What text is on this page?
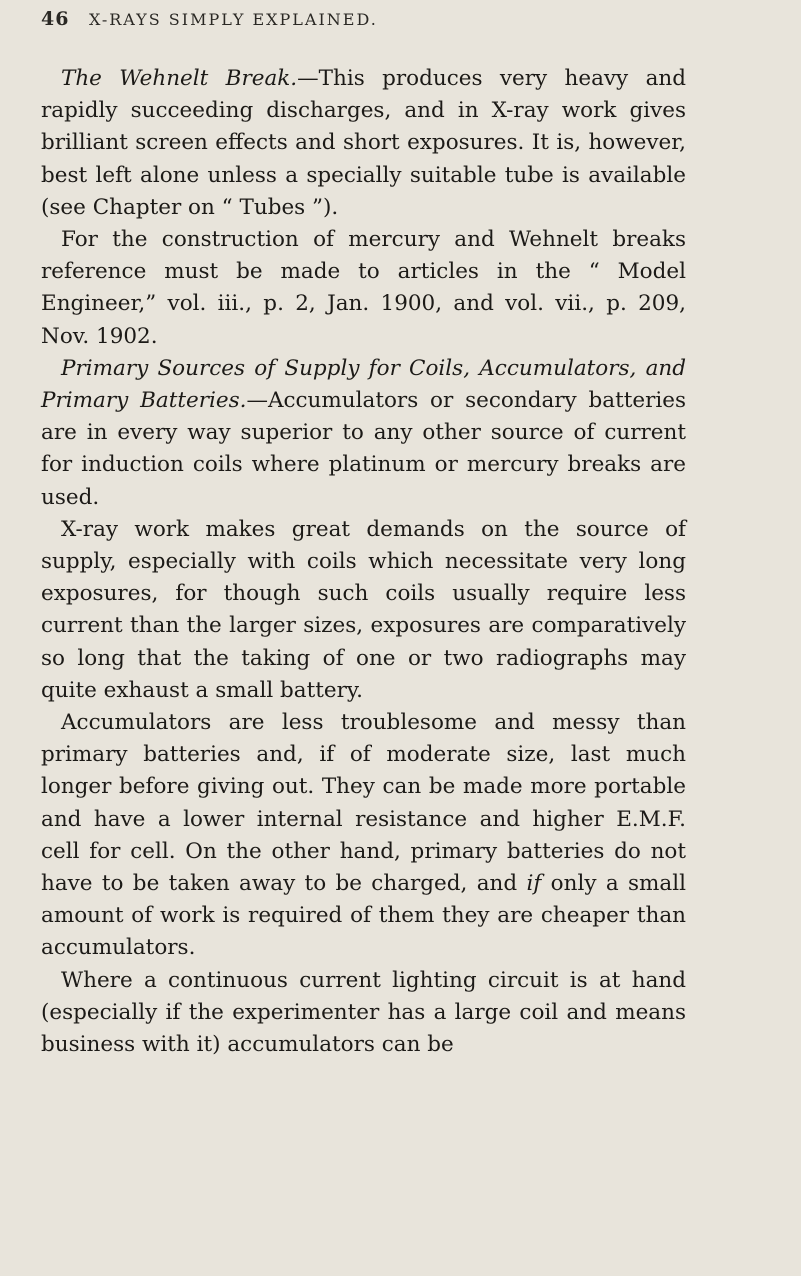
46 X-RAYS SIMPLY EXPLAINED.

The Wehnelt Break.—This produces very heavy and rapidly succeeding discharges, and in X-ray work gives brilliant screen effects and short exposures. It is, however, best left alone unless a specially suitable tube is available (see Chapter on “ Tubes ”).

For the construction of mercury and Wehnelt breaks reference must be made to articles in the “ Model Engineer,” vol. iii., p. 2, Jan. 1900, and vol. vii., p. 209, Nov. 1902.

Primary Sources of Supply for Coils, Accumulators, and Primary Batteries.—Accumulators or secondary batteries are in every way superior to any other source of current for induction coils where platinum or mercury breaks are used.

X-ray work makes great demands on the source of supply, especially with coils which necessitate very long exposures, for though such coils usually require less current than the larger sizes, exposures are comparatively so long that the taking of one or two radiographs may quite exhaust a small battery.

Accumulators are less troublesome and messy than primary batteries and, if of moderate size, last much longer before giving out. They can be made more portable and have a lower internal resistance and higher E.M.F. cell for cell. On the other hand, primary batteries do not have to be taken away to be charged, and if only a small amount of work is required of them they are cheaper than accumulators.

Where a continuous current lighting circuit is at hand (especially if the experimenter has a large coil and means business with it) accumulators can be
